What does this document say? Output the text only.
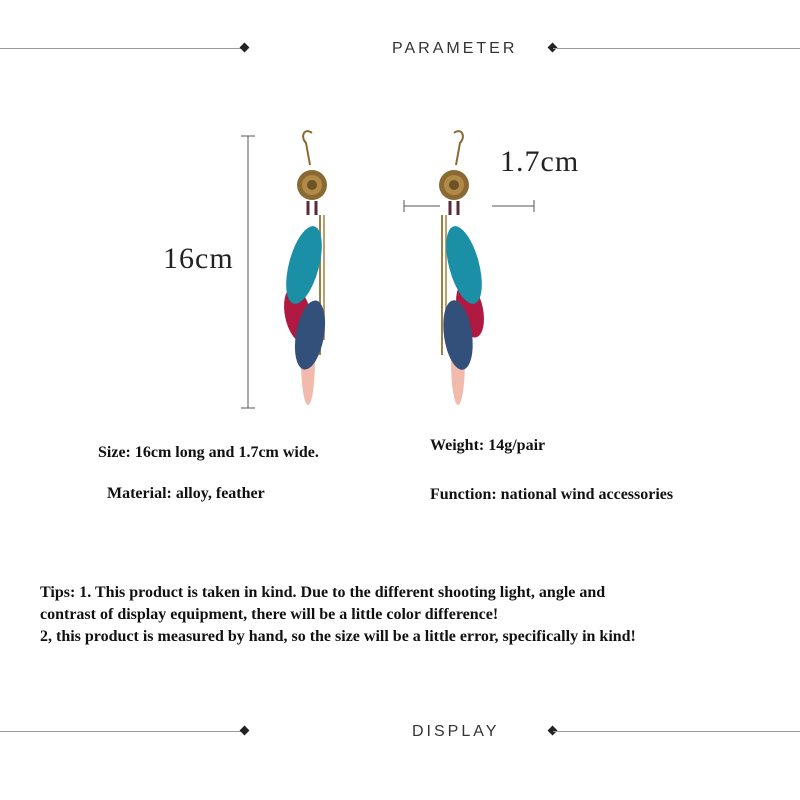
PARAMETER
16cm
1.7cm
Size: 16cm long and 1.7cm wide.	Weight: 14g/pair
Material: alloy, feather	Function: national wind accessories
Tips: 1. This product is taken in kind. Due to the different shooting light, angle and
contrast of display equipment, there will be a little color difference!
2, this product is measured by hand, so the size will be a little error, specifically in kind!
DISPLAY
